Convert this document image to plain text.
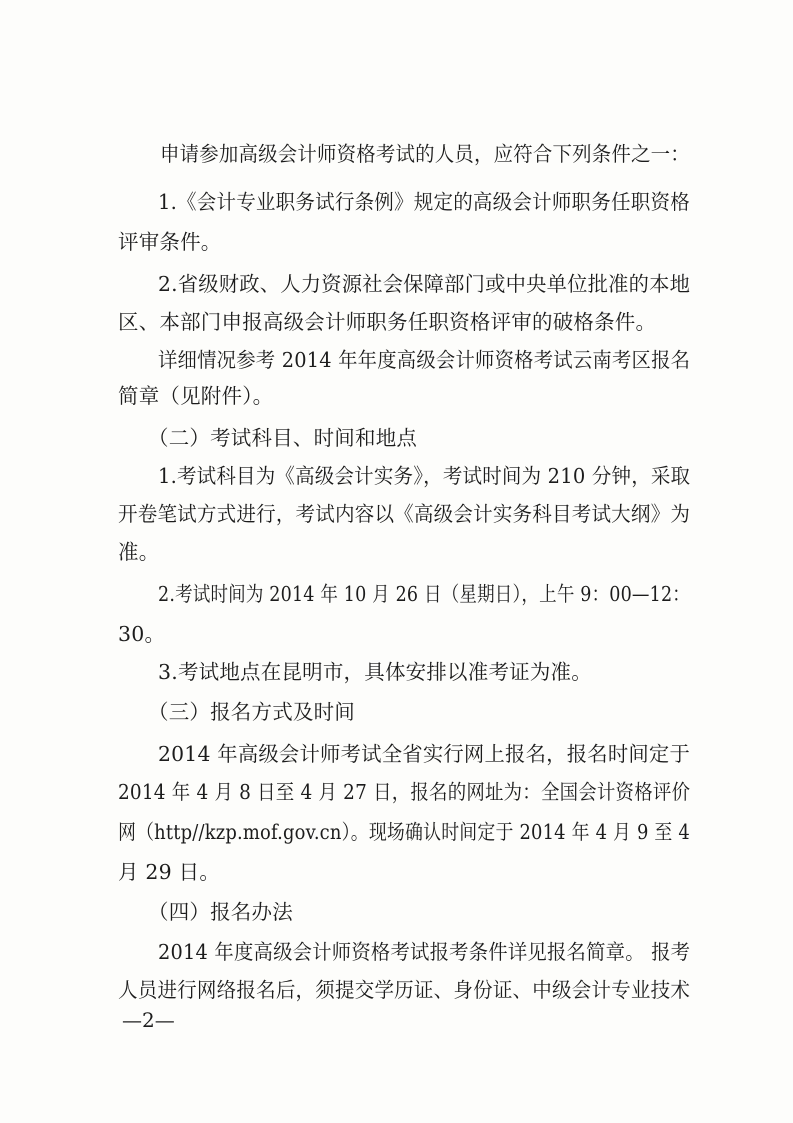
申请参加高级会计师资格考试的人员，应符合下列条件之一：
1.《会计专业职务试行条例》规定的高级会计师职务任职资格
评审条件。
2.省级财政、人力资源社会保障部门或中央单位批准的本地
区、本部门申报高级会计师职务任职资格评审的破格条件。
详细情况参考 2014 年年度高级会计师资格考试云南考区报名
简章（见附件）。
（二）考试科目、时间和地点
1.考试科目为《高级会计实务》，考试时间为 210 分钟，采取
开卷笔试方式进行，考试内容以《高级会计实务科目考试大纲》为
准。
2.考试时间为 2014 年 10 月 26 日（星期日），上午 9：00—12：
30。
3.考试地点在昆明市，具体安排以准考证为准。
（三）报名方式及时间
2014 年高级会计师考试全省实行网上报名，报名时间定于
2014 年 4 月 8 日至 4 月 27 日，报名的网址为：全国会计资格评价
网（http//kzp.mof.gov.cn）。现场确认时间定于 2014 年 4 月 9 至 4
月 29 日。
（四）报名办法
2014 年度高级会计师资格考试报考条件详见报名简章。 报考
人员进行网络报名后，须提交学历证、身份证、中级会计专业技术
—2—
